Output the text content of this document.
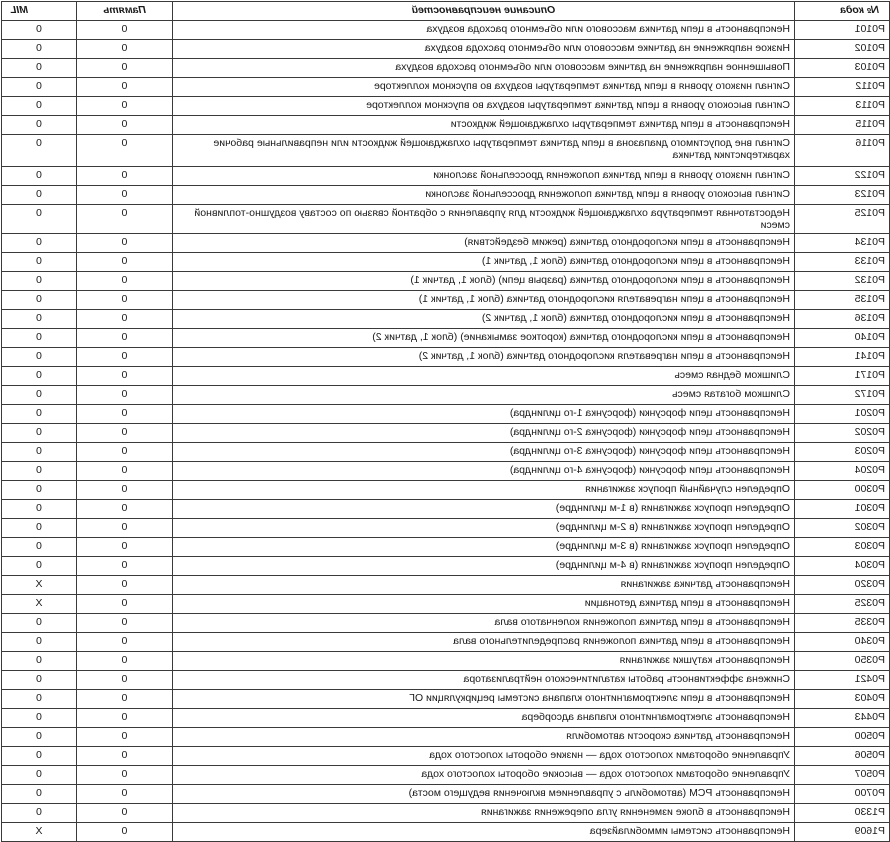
MIL	Память	Описание неисправностей	№ кода

0	0	Неисправность в цепи датчика массового или объемного расхода воздуха	P0101

0	0	Низкое напряжение на датчике массового или объемного расхода воздуха	P0102

0	0	Повышенное напряжение на датчике массового или объемного расхода воздуха	P0103

0	0	Сигнал низкого уровня в цепи датчика температуры воздуха во впускном коллекторе	P0112

0	0	Сигнал высокого уровня в цепи датчика температуры воздуха во впускном коллекторе	P0113

0	0	Неисправность в цепи датчика температуры охлаждающей жидкости	P0115

0	0	Сигнал вне допустимого диапазона в цепи датчика температуры охлаждающей жидкости или неправильные рабочие характеристики датчика	P0116

0	0	Сигнал низкого уровня в цепи датчика положения дроссельной заслонки	P0122

0	0	Сигнал высокого уровня в цепи датчика положения дроссельной заслонки	P0123

0	0	Недостаточная температура охлаждающей жидкости для управления с обратной связью по составу воздушно-топливной смеси	P0125

0	0	Неисправность в цепи кислородного датчика (режим бездействия)	P0134

0	0	Неисправность в цепи кислородного датчика (блок 1, датчик 1)	P0133

0	0	Неисправность в цепи кислородного датчика (разрыв цепи) (блок 1, датчик 1)	P0132

0	0	Неисправность в цепи нагревателя кислородного датчика (блок 1, датчик 1)	P0135

0	0	Неисправность в цепи кислородного датчика (блок 1, датчик 2)	P0136

0	0	Неисправность в цепи кислородного датчика (короткое замыкание) (блок 1, датчик 2)	P0140

0	0	Неисправность в цепи нагревателя кислородного датчика (блок 1, датчик 2)	P0141

0	0	Слишком бедная смесь	P0171

0	0	Слишком богатая смесь	P0172

0	0	Неисправность цепи форсунки (форсунка 1-го цилиндра)	P0201

0	0	Неисправность цепи форсунки (форсунка 2-го цилиндра)	P0202

0	0	Неисправность цепи форсунки (форсунка 3-го цилиндра)	P0203

0	0	Неисправность цепи форсунки (форсунка 4-го цилиндра)	P0204

0	0	Определен случайный пропуск зажигания	P0300

0	0	Определен пропуск зажигания (в 1-м цилиндре)	P0301

0	0	Определен пропуск зажигания (в 2-м цилиндре)	P0302

0	0	Определен пропуск зажигания (в 3-м цилиндре)	P0303

0	0	Определен пропуск зажигания (в 4-м цилиндре)	P0304

X	0	Неисправность датчика зажигания	P0320

X	0	Неисправность в цепи датчика детонации	P0325

0	0	Неисправность в цепи датчика положения коленчатого вала	P0335

0	0	Неисправность в цепи датчика положения распределительного вала	P0340

0	0	Неисправность катушки зажигания	P0350

0	0	Снижена эффективность работы каталитического нейтрализатора	P0421

0	0	Неисправность в цепи электромагнитного клапана системы рециркуляции ОГ	P0403

0	0	Неисправность электромагнитного клапана адсорбера	P0443

0	0	Неисправность датчика скорости автомобиля	P0500

0	0	Управление оборотами холостого хода — низкие обороты холостого хода	P0506

0	0	Управление оборотами холостого хода — высокие обороты холостого хода	P0507

0	0	Неисправность PCM (автомобиль с управлением включения ведущего моста)	P0700

0	0	Неисправность в блоке изменения угла опережения зажигания	P1330

X	0	Неисправность системы иммобилайзера	P1609
